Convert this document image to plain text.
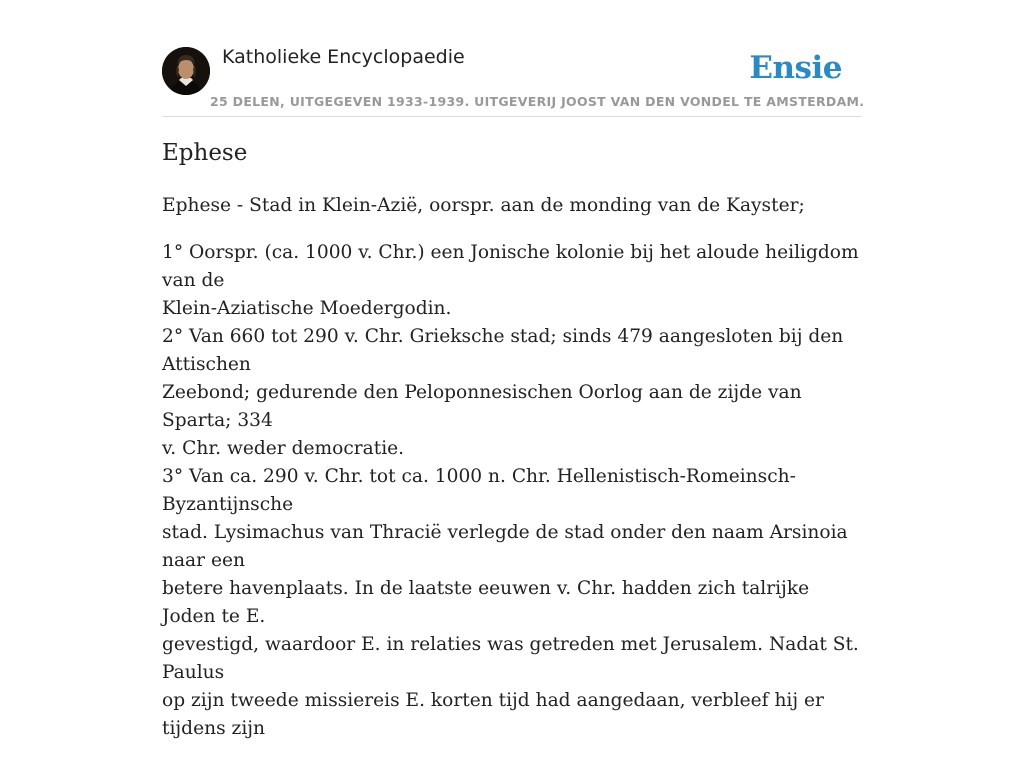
Katholieke Encyclopaedie	Ensie
25 DELEN, UITGEGEVEN 1933-1939. UITGEVERIJ JOOST VAN DEN VONDEL TE AMSTERDAM.
Ephese

Ephese - Stad in Klein-Azië, oorspr. aan de monding van de Kayster;

1° Oorspr. (ca. 1000 v. Chr.) een Jonische kolonie bij het aloude heiligdom van de
Klein-Aziatische Moedergodin.
2° Van 660 tot 290 v. Chr. Grieksche stad; sinds 479 aangesloten bij den Attischen
Zeebond; gedurende den Peloponnesischen Oorlog aan de zijde van Sparta; 334
v. Chr. weder democratie.
3° Van ca. 290 v. Chr. tot ca. 1000 n. Chr. Hellenistisch-Romeinsch-Byzantijnsche
stad. Lysimachus van Thracië verlegde de stad onder den naam Arsinoia naar een
betere havenplaats. In de laatste eeuwen v. Chr. hadden zich talrijke Joden te E.
gevestigd, waardoor E. in relaties was getreden met Jerusalem. Nadat St. Paulus
op zijn tweede missiereis E. korten tijd had aangedaan, verbleef hij er tijdens zijn
